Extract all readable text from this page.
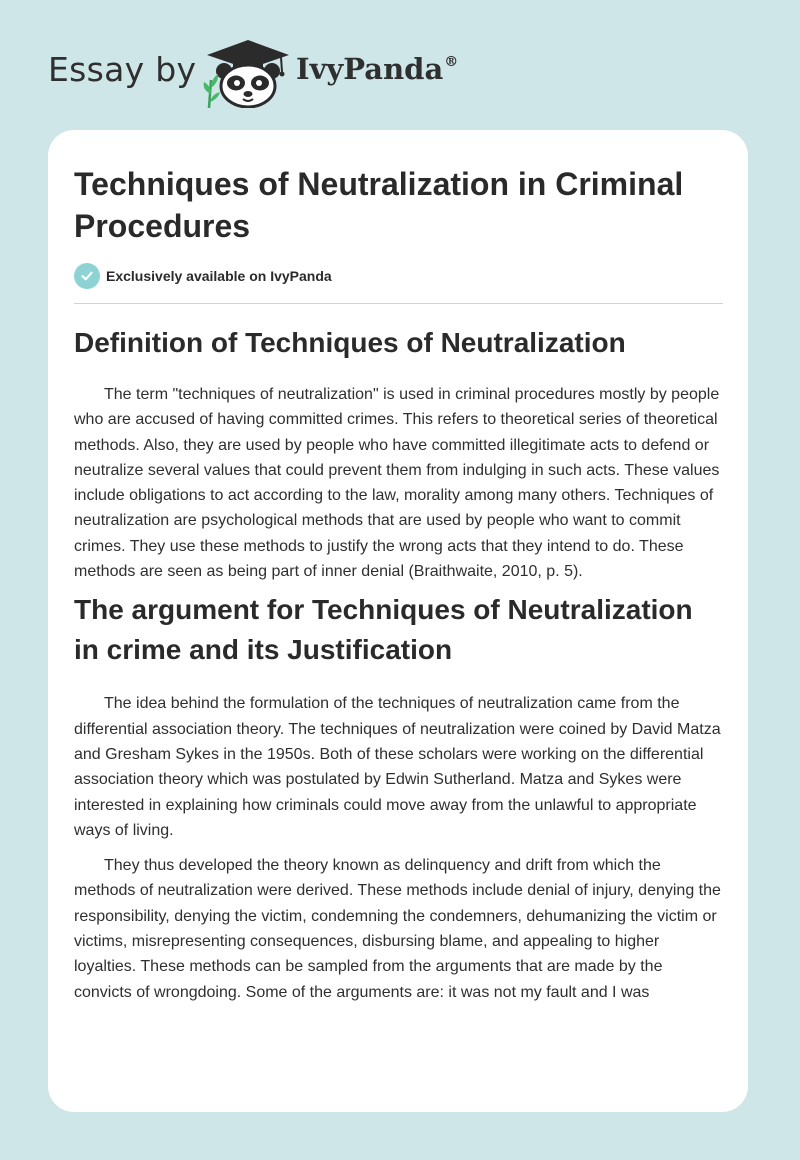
Essay by	IvyPanda®
Techniques of Neutralization in Criminal Procedures
Exclusively available on IvyPanda
Definition of Techniques of Neutralization

The term "techniques of neutralization" is used in criminal procedures mostly by people who are accused of having committed crimes. This refers to theoretical series of theoretical methods. Also, they are used by people who have committed illegitimate acts to defend or neutralize several values that could prevent them from indulging in such acts. These values include obligations to act according to the law, morality among many others. Techniques of neutralization are psychological methods that are used by people who want to commit crimes. They use these methods to justify the wrong acts that they intend to do. These methods are seen as being part of inner denial (Braithwaite, 2010, p. 5).

The argument for Techniques of Neutralization in crime and its Justification

The idea behind the formulation of the techniques of neutralization came from the differential association theory. The techniques of neutralization were coined by David Matza and Gresham Sykes in the 1950s. Both of these scholars were working on the differential association theory which was postulated by Edwin Sutherland. Matza and Sykes were interested in explaining how criminals could move away from the unlawful to appropriate ways of living.

They thus developed the theory known as delinquency and drift from which the methods of neutralization were derived. These methods include denial of injury, denying the responsibility, denying the victim, condemning the condemners, dehumanizing the victim or victims, misrepresenting consequences, disbursing blame, and appealing to higher loyalties. These methods can be sampled from the arguments that are made by the convicts of wrongdoing. Some of the arguments are: it was not my fault and I was
